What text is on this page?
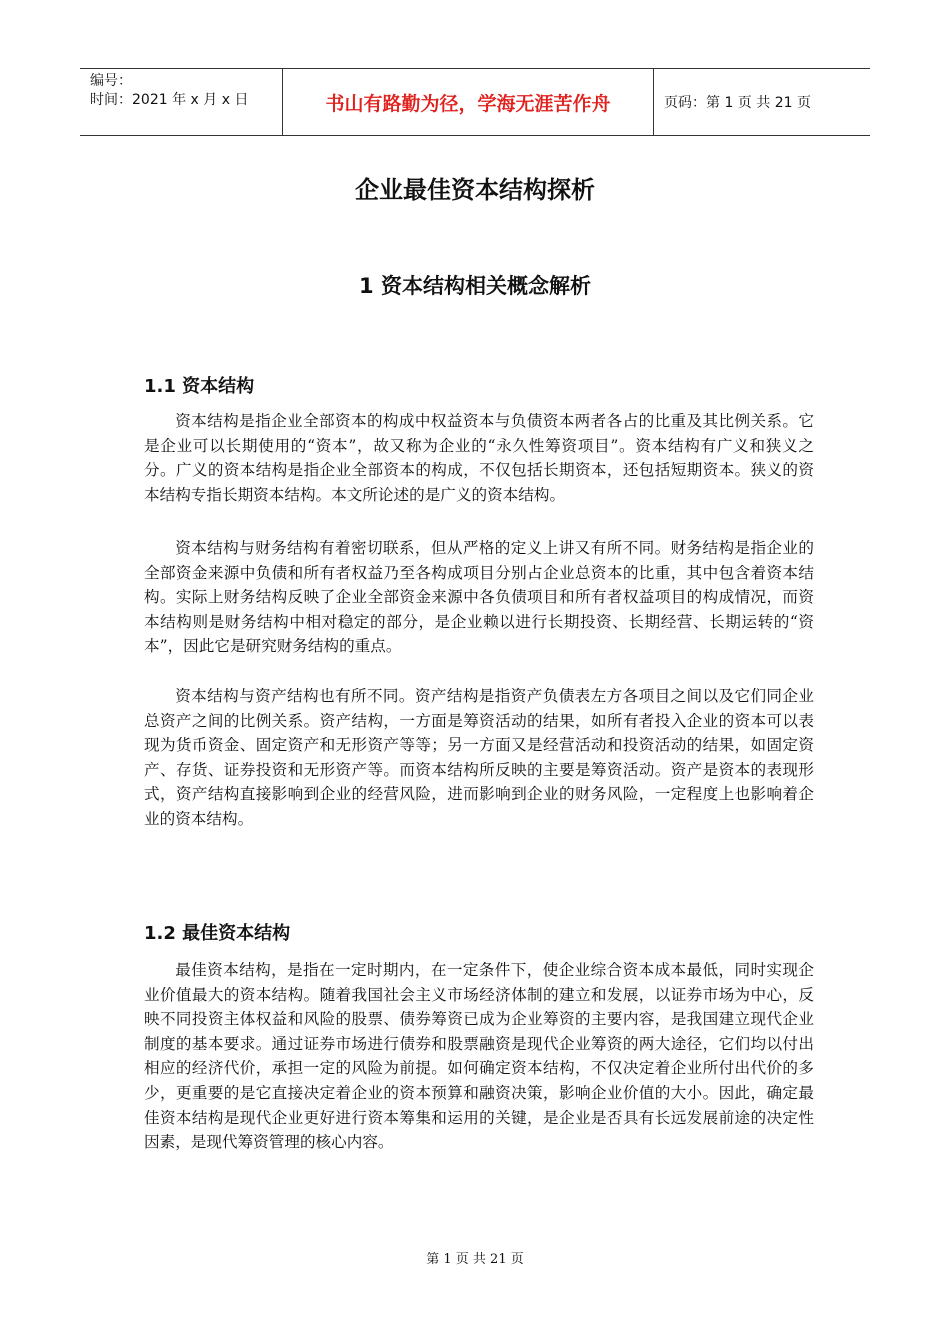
编号：
时间：2021 年 x 月 x 日	书山有路勤为径，学海无涯苦作舟	页码：第 1 页 共 21 页
企业最佳资本结构探析
1 资本结构相关概念解析
1.1 资本结构

资本结构是指企业全部资本的构成中权益资本与负债资本两者各占的比重及其比例关系。它是企业可以长期使用的“资本”，故又称为企业的“永久性筹资项目”。资本结构有广义和狭义之分。广义的资本结构是指企业全部资本的构成，不仅包括长期资本，还包括短期资本。狭义的资本结构专指长期资本结构。本文所论述的是广义的资本结构。

资本结构与财务结构有着密切联系，但从严格的定义上讲又有所不同。财务结构是指企业的全部资金来源中负债和所有者权益乃至各构成项目分别占企业总资本的比重，其中包含着资本结构。实际上财务结构反映了企业全部资金来源中各负债项目和所有者权益项目的构成情况，而资本结构则是财务结构中相对稳定的部分，是企业赖以进行长期投资、长期经营、长期运转的“资本”，因此它是研究财务结构的重点。

资本结构与资产结构也有所不同。资产结构是指资产负债表左方各项目之间以及它们同企业总资产之间的比例关系。资产结构，一方面是筹资活动的结果，如所有者投入企业的资本可以表现为货币资金、固定资产和无形资产等等；另一方面又是经营活动和投资活动的结果，如固定资产、存货、证券投资和无形资产等。而资本结构所反映的主要是筹资活动。资产是资本的表现形式，资产结构直接影响到企业的经营风险，进而影响到企业的财务风险，一定程度上也影响着企业的资本结构。

1.2 最佳资本结构

最佳资本结构，是指在一定时期内，在一定条件下，使企业综合资本成本最低，同时实现企业价值最大的资本结构。随着我国社会主义市场经济体制的建立和发展，以证券市场为中心，反映不同投资主体权益和风险的股票、债券筹资已成为企业筹资的主要内容，是我国建立现代企业制度的基本要求。通过证券市场进行债券和股票融资是现代企业筹资的两大途径，它们均以付出相应的经济代价，承担一定的风险为前提。如何确定资本结构，不仅决定着企业所付出代价的多少，更重要的是它直接决定着企业的资本预算和融资决策，影响企业价值的大小。因此，确定最佳资本结构是现代企业更好进行资本筹集和运用的关键，是企业是否具有长远发展前途的决定性因素，是现代筹资管理的核心内容。

第 1 页 共 21 页
